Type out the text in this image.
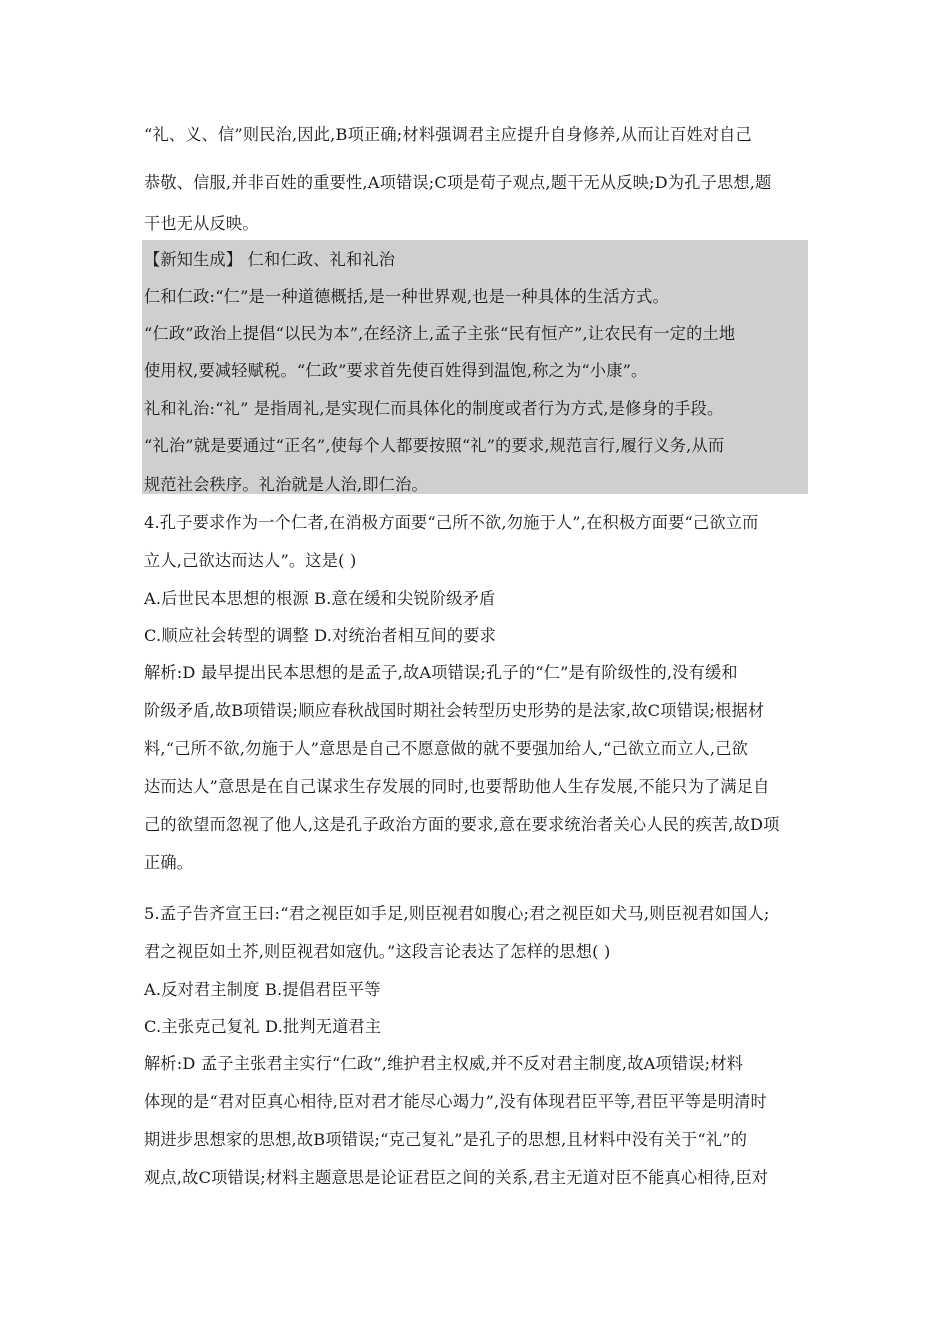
“礼、义、信”则民治,因此,B项正确;材料强调君主应提升自身修养,从而让百姓对自己
恭敬、信服,并非百姓的重要性,A项错误;C项是荀子观点,题干无从反映;D为孔子思想,题
干也无从反映。
【新知生成】 仁和仁政、礼和礼治
仁和仁政:“仁”是一种道德概括,是一种世界观,也是一种具体的生活方式。
“仁政”政治上提倡“以民为本”,在经济上,孟子主张“民有恒产”,让农民有一定的土地
使用权,要减轻赋税。“仁政”要求首先使百姓得到温饱,称之为“小康”。
礼和礼治:“礼” 是指周礼,是实现仁而具体化的制度或者行为方式,是修身的手段。
“礼治”就是要通过“正名”,使每个人都要按照“礼”的要求,规范言行,履行义务,从而
规范社会秩序。礼治就是人治,即仁治。
4.孔子要求作为一个仁者,在消极方面要“己所不欲,勿施于人”,在积极方面要“己欲立而
立人,己欲达而达人”。这是( )
A.后世民本思想的根源 B.意在缓和尖锐阶级矛盾
C.顺应社会转型的调整 D.对统治者相互间的要求
解析:D 最早提出民本思想的是孟子,故A项错误;孔子的“仁”是有阶级性的,没有缓和
阶级矛盾,故B项错误;顺应春秋战国时期社会转型历史形势的是法家,故C项错误;根据材
料,“己所不欲,勿施于人”意思是自己不愿意做的就不要强加给人,“己欲立而立人,己欲
达而达人”意思是在自己谋求生存发展的同时,也要帮助他人生存发展,不能只为了满足自
己的欲望而忽视了他人,这是孔子政治方面的要求,意在要求统治者关心人民的疾苦,故D项
正确。
5.孟子告齐宣王曰:“君之视臣如手足,则臣视君如腹心;君之视臣如犬马,则臣视君如国人;
君之视臣如土芥,则臣视君如寇仇。”这段言论表达了怎样的思想( )
A.反对君主制度 B.提倡君臣平等
C.主张克己复礼 D.批判无道君主
解析:D 孟子主张君主实行“仁政”,维护君主权威,并不反对君主制度,故A项错误;材料
体现的是“君对臣真心相待,臣对君才能尽心竭力”,没有体现君臣平等,君臣平等是明清时
期进步思想家的思想,故B项错误;“克己复礼”是孔子的思想,且材料中没有关于“礼”的
观点,故C项错误;材料主题意思是论证君臣之间的关系,君主无道对臣不能真心相待,臣对
